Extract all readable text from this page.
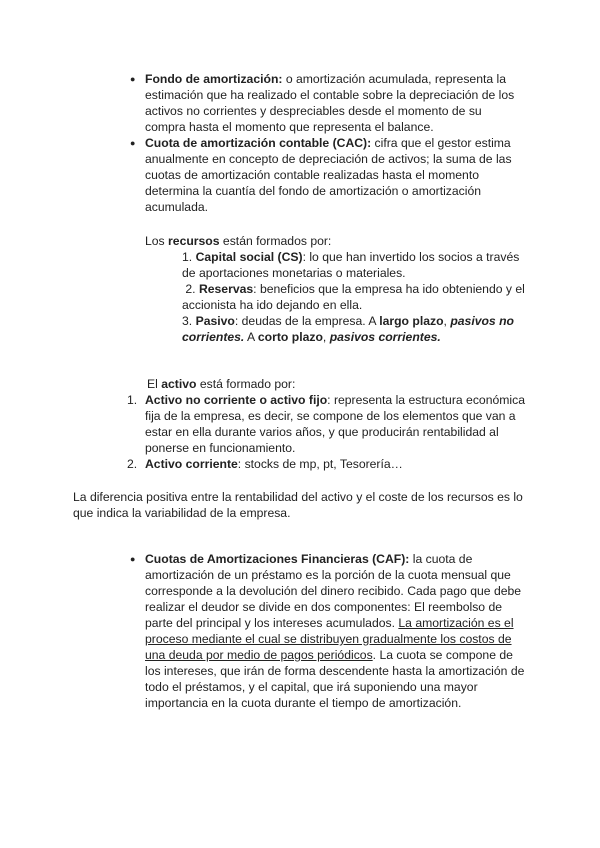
● Fondo de amortización: o amortización acumulada, representa la estimación que ha realizado el contable sobre la depreciación de los activos no corrientes y despreciables desde el momento de su compra hasta el momento que representa el balance.

● Cuota de amortización contable (CAC): cifra que el gestor estima anualmente en concepto de depreciación de activos; la suma de las cuotas de amortización contable realizadas hasta el momento determina la cuantía del fondo de amortización o amortización acumulada.

Los recursos están formados por:

1. Capital social (CS): lo que han invertido los socios a través de aportaciones monetarias o materiales.

2. Reservas: beneficios que la empresa ha ido obteniendo y el accionista ha ido dejando en ella.

3. Pasivo: deudas de la empresa. A largo plazo, pasivos no corrientes. A corto plazo, pasivos corrientes.

El activo está formado por:

1. Activo no corriente o activo fijo: representa la estructura económica fija de la empresa, es decir, se compone de los elementos que van a estar en ella durante varios años, y que producirán rentabilidad al ponerse en funcionamiento.

2. Activo corriente: stocks de mp, pt, Tesorería…

La diferencia positiva entre la rentabilidad del activo y el coste de los recursos es lo que indica la variabilidad de la empresa.

● Cuotas de Amortizaciones Financieras (CAF): la cuota de amortización de un préstamo es la porción de la cuota mensual que corresponde a la devolución del dinero recibido. Cada pago que debe realizar el deudor se divide en dos componentes: El reembolso de parte del principal y los intereses acumulados. La amortización es el proceso mediante el cual se distribuyen gradualmente los costos de una deuda por medio de pagos periódicos. La cuota se compone de los intereses, que irán de forma descendente hasta la amortización de todo el préstamos, y el capital, que irá suponiendo una mayor importancia en la cuota durante el tiempo de amortización.
